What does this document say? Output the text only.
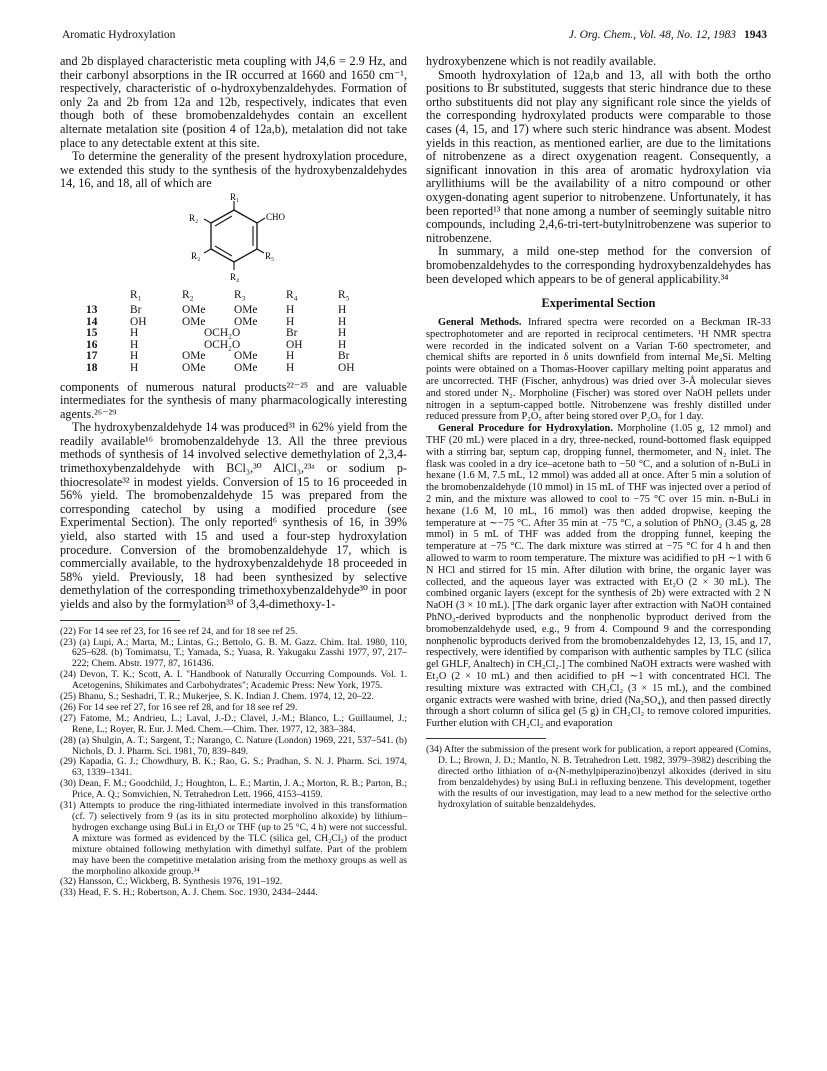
Aromatic Hydroxylation	J. Org. Chem., Vol. 48, No. 12, 1983 1943

and 2b displayed characteristic meta coupling with J4,6 = 2.9 Hz, and their carbonyl absorptions in the IR occurred at 1660 and 1650 cm⁻¹, respectively, characteristic of o-hydroxybenzaldehydes. Formation of only 2a and 2b from 12a and 12b, respectively, indicates that even though both of these bromobenzaldehydes contain an excellent alternate metalation site (position 4 of 12a,b), metalation did not take place to any detectable extent at this site.

To determine the generality of the present hydroxylation procedure, we extended this study to the synthesis of the hydroxybenzaldehydes 14, 16, and 18, all of which are

R₁
CHO
R₂
R₃	R₅
R₄
	R₁	R₂	R₃	R₄	R₅
13	Br	OMe	OMe	H	H
14	OH	OMe	OMe	H	H
15	H	OCH₂O		Br	H
16	H	OCH₂O		OH	H
17	H	OMe	OMe	H	Br
18	H	OMe	OMe	H	OH

components of numerous natural products²²⁻²⁵ and are valuable intermediates for the synthesis of many pharmacologically interesting agents.²⁶⁻²⁹

The hydroxybenzaldehyde 14 was produced³¹ in 62% yield from the readily available¹⁶ bromobenzaldehyde 13. All the three previous methods of synthesis of 14 involved selective demethylation of 2,3,4-trimethoxybenzaldehyde with BCl₃,³⁰ AlCl₃,²³ᵃ or sodium p-thiocresolate³² in modest yields. Conversion of 15 to 16 proceeded in 56% yield. The bromobenzaldehyde 15 was prepared from the corresponding catechol by using a modified procedure (see Experimental Section). The only reported⁶ synthesis of 16, in 39% yield, also started with 15 and used a four-step hydroxylation procedure. Conversion of the bromobenzaldehyde 17, which is commercially available, to the hydroxybenzaldehyde 18 proceeded in 58% yield. Previously, 18 had been synthesized by selective demethylation of the corresponding trimethoxybenzaldehyde³⁰ in poor yields and also by the formylation³³ of 3,4-dimethoxy-1-

(22) For 14 see ref 23, for 16 see ref 24, and for 18 see ref 25.

(23) (a) Lupi, A.; Marta, M.; Lintas, G.; Bettolo, G. B. M. Gazz. Chim. Ital. 1980, 110, 625–628. (b) Tomimatsu, T.; Yamada, S.; Yuasa, R. Yakugaku Zasshi 1977, 97, 217–222; Chem. Abstr. 1977, 87, 161436.

(24) Devon, T. K.; Scott, A. I. "Handbook of Naturally Occurring Compounds. Vol. 1. Acetogenins, Shikimates and Carbohydrates"; Academic Press: New York, 1975.

(25) Bhanu, S.; Seshadri, T. R.; Mukerjee, S. K. Indian J. Chem. 1974, 12, 20–22.

(26) For 14 see ref 27, for 16 see ref 28, and for 18 see ref 29.

(27) Fatome, M.; Andrieu, L.; Laval, J.-D.; Clavel, J.-M.; Blanco, L.; Guillaumel, J.; Rene, L.; Royer, R. Eur. J. Med. Chem.—Chim. Ther. 1977, 12, 383–384.

(28) (a) Shulgin, A. T.; Sargent, T.; Narango, C. Nature (London) 1969, 221, 537–541. (b) Nichols, D. J. Pharm. Sci. 1981, 70, 839–849.

(29) Kapadia, G. J.; Chowdhury, B. K.; Rao, G. S.; Pradhan, S. N. J. Pharm. Sci. 1974, 63, 1339–1341.

(30) Dean, F. M.; Goodchild, J.; Houghton, L. E.; Martin, J. A.; Morton, R. B.; Parton, B.; Price, A. Q.; Somvichien, N. Tetrahedron Lett. 1966, 4153–4159.

(31) Attempts to produce the ring-lithiated intermediate involved in this transformation (cf. 7) selectively from 9 (as its in situ protected morpholino alkoxide) by lithium–hydrogen exchange using BuLi in Et₂O or THF (up to 25 °C, 4 h) were not successful. A mixture was formed as evidenced by the TLC (silica gel, CH₂Cl₂) of the product mixture obtained following methylation with dimethyl sulfate. Part of the problem may have been the competitive metalation arising from the methoxy groups as well as the morpholino alkoxide group.³⁴

(32) Hansson, C.; Wickberg, B. Synthesis 1976, 191–192.

(33) Head, F. S. H.; Robertson, A. J. Chem. Soc. 1930, 2434–2444.

hydroxybenzene which is not readily available.

Smooth hydroxylation of 12a,b and 13, all with both the ortho positions to Br substituted, suggests that steric hindrance due to these ortho substituents did not play any significant role since the yields of the corresponding hydroxylated products were comparable to those cases (4, 15, and 17) where such steric hindrance was absent. Modest yields in this reaction, as mentioned earlier, are due to the limitations of nitrobenzene as a direct oxygenation reagent. Consequently, a significant innovation in this area of aromatic hydroxylation via aryllithiums will be the availability of a nitro compound or other oxygen-donating agent superior to nitrobenzene. Unfortunately, it has been reported¹³ that none among a number of seemingly suitable nitro compounds, including 2,4,6-tri-tert-butylnitrobenzene was superior to nitrobenzene.

In summary, a mild one-step method for the conversion of bromobenzaldehydes to the corresponding hydroxybenzaldehydes has been developed which appears to be of general applicability.³⁴

Experimental Section

General Methods. Infrared spectra were recorded on a Beckman IR-33 spectrophotometer and are reported in reciprocal centimeters. ¹H NMR spectra were recorded in the indicated solvent on a Varian T-60 spectrometer, and chemical shifts are reported in δ units downfield from internal Me₄Si. Melting points were obtained on a Thomas-Hoover capillary melting point apparatus and are uncorrected. THF (Fischer, anhydrous) was dried over 3-Å molecular sieves and stored under N₂. Morpholine (Fischer) was stored over NaOH pellets under nitrogen in a septum-capped bottle. Nitrobenzene was freshly distilled under reduced pressure from P₂O₅ after being stored over P₂O₅ for 1 day.

General Procedure for Hydroxylation. Morpholine (1.05 g, 12 mmol) and THF (20 mL) were placed in a dry, three-necked, round-bottomed flask equipped with a stirring bar, septum cap, dropping funnel, thermometer, and N₂ inlet. The flask was cooled in a dry ice–acetone bath to −50 °C, and a solution of n-BuLi in hexane (1.6 M, 7.5 mL, 12 mmol) was added all at once. After 5 min a solution of the bromobenzaldehyde (10 mmol) in 15 mL of THF was injected over a period of 2 min, and the mixture was allowed to cool to −75 °C over 15 min. n-BuLi in hexane (1.6 M, 10 mL, 16 mmol) was then added dropwise, keeping the temperature at ∼−75 °C. After 35 min at −75 °C, a solution of PhNO₂ (3.45 g, 28 mmol) in 5 mL of THF was added from the dropping funnel, keeping the temperature at −75 °C. The dark mixture was stirred at −75 °C for 4 h and then allowed to warm to room temperature. The mixture was acidified to pH ∼1 with 6 N HCl and stirred for 15 min. After dilution with brine, the organic layer was collected, and the aqueous layer was extracted with Et₂O (2 × 30 mL). The combined organic layers (except for the synthesis of 2b) were extracted with 2 N NaOH (3 × 10 mL). [The dark organic layer after extraction with NaOH contained PhNO₂-derived byproducts and the nonphenolic byproduct derived from the bromobenzaldehyde used, e.g., 9 from 4. Compound 9 and the corresponding nonphenolic byproducts derived from the bromobenzaldehydes 12, 13, 15, and 17, respectively, were identified by comparison with authentic samples by TLC (silica gel GHLF, Analtech) in CH₂Cl₂.] The combined NaOH extracts were washed with Et₂O (2 × 10 mL) and then acidified to pH ∼1 with concentrated HCl. The resulting mixture was extracted with CH₂Cl₂ (3 × 15 mL), and the combined organic extracts were washed with brine, dried (Na₂SO₄), and then passed directly through a short column of silica gel (5 g) in CH₂Cl₂ to remove colored impurities. Further elution with CH₂Cl₂ and evaporation

(34) After the submission of the present work for publication, a report appeared (Comins, D. L.; Brown, J. D.; Mantlo, N. B. Tetrahedron Lett. 1982, 3979–3982) describing the directed ortho lithiation of α-(N-methylpiperazino)benzyl alkoxides (derived in situ from benzaldehydes) by using BuLi in refluxing benzene. This development, together with the results of our investigation, may lead to a new method for the selective ortho hydroxylation of suitable benzaldehydes.
